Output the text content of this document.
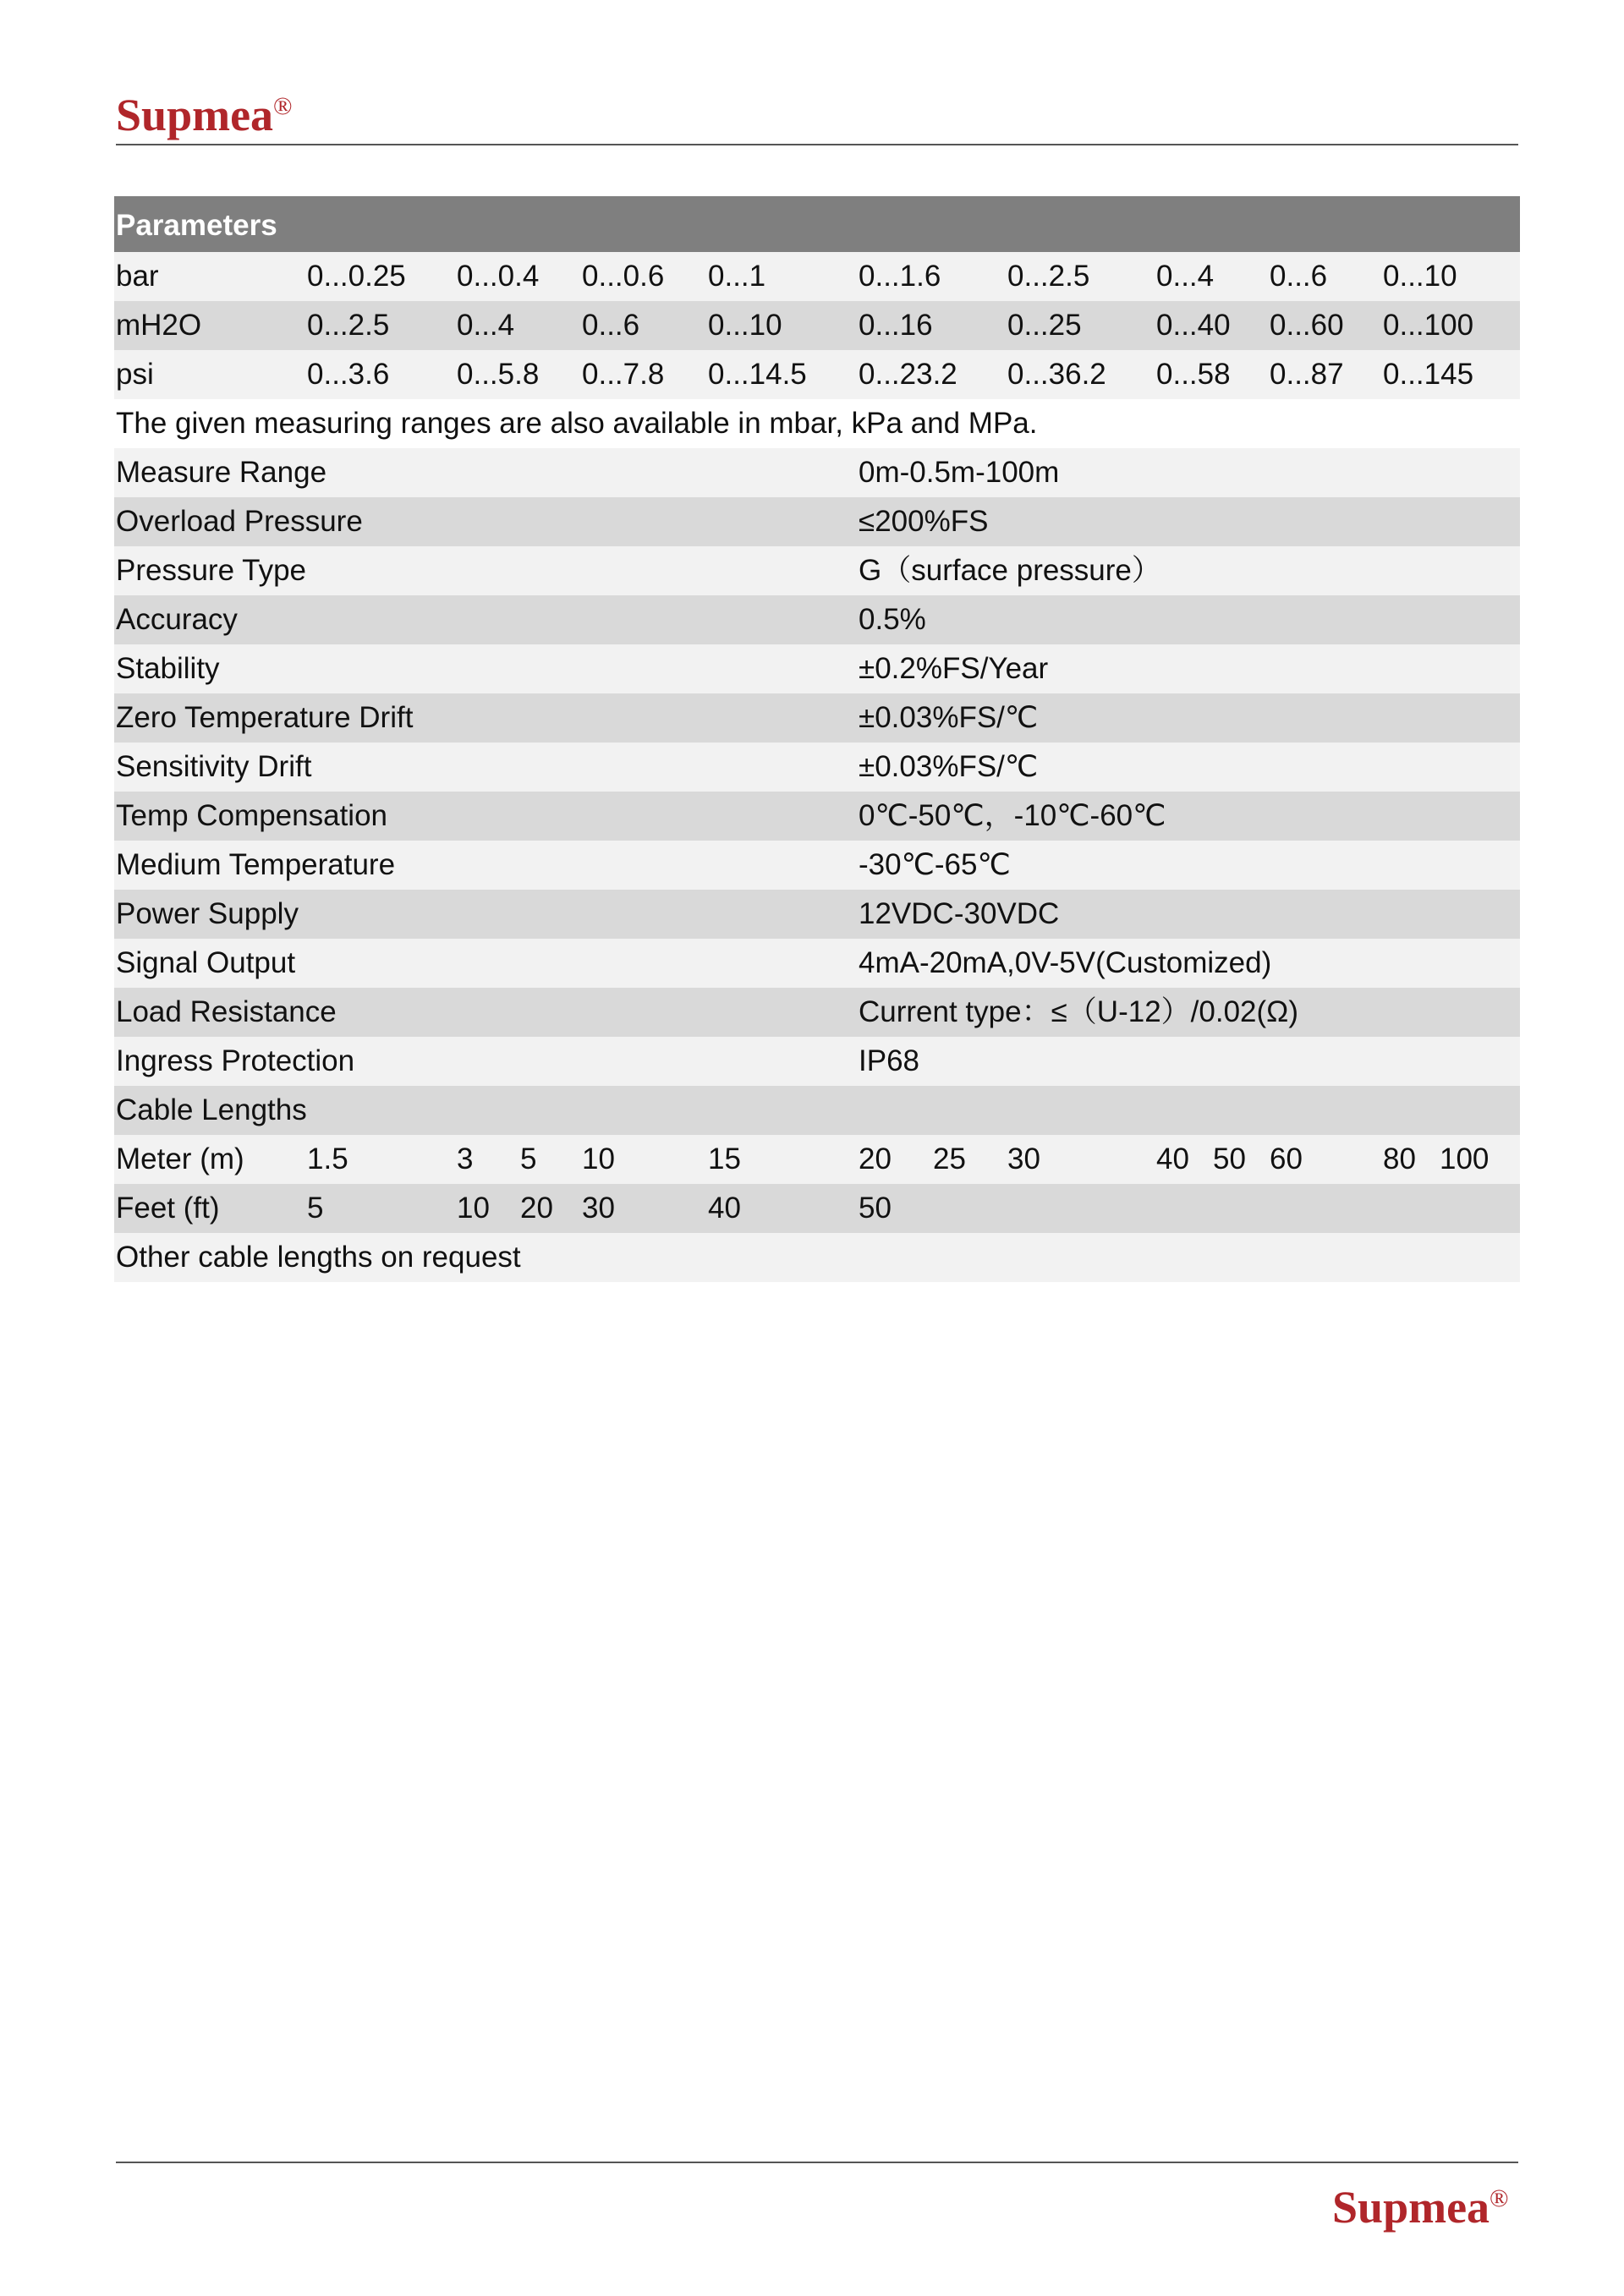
Supmea®
Parameters
bar	0...0.25 0...0.4 0...0.6 0...1	0...1.6 0...2.5 0...4 0...6 0...10
mH2O	0...2.5 0...4 0...6 0...10	0...16	0...25	0...40 0...60 0...100
psi	0...3.6 0...5.8 0...7.8 0...14.5 0...23.2 0...36.2 0...58 0...87 0...145
The given measuring ranges are also available in mbar, kPa and MPa.
Measure Range	0m-0.5m-100m
Overload Pressure	≤200%FS
Pressure Type	G（surface pressure）
Accuracy	0.5%
Stability	±0.2%FS/Year
Zero Temperature Drift	±0.03%FS/℃
Sensitivity Drift	±0.03%FS/℃
Temp Compensation	0℃-50℃，-10℃-60℃
Medium Temperature	-30℃-65℃
Power Supply	12VDC-30VDC
Signal Output	4mA-20mA,0V-5V(Customized)
Load Resistance	Current type：≤（U-12）/0.02(Ω)
Ingress Protection	IP68
Cable Lengths
Meter (m) 1.5	3 5 10	15	20 25 30	40 50 60	80 100
Feet (ft)	5	10 20 30	40	50
Other cable lengths on request
Supmea®
